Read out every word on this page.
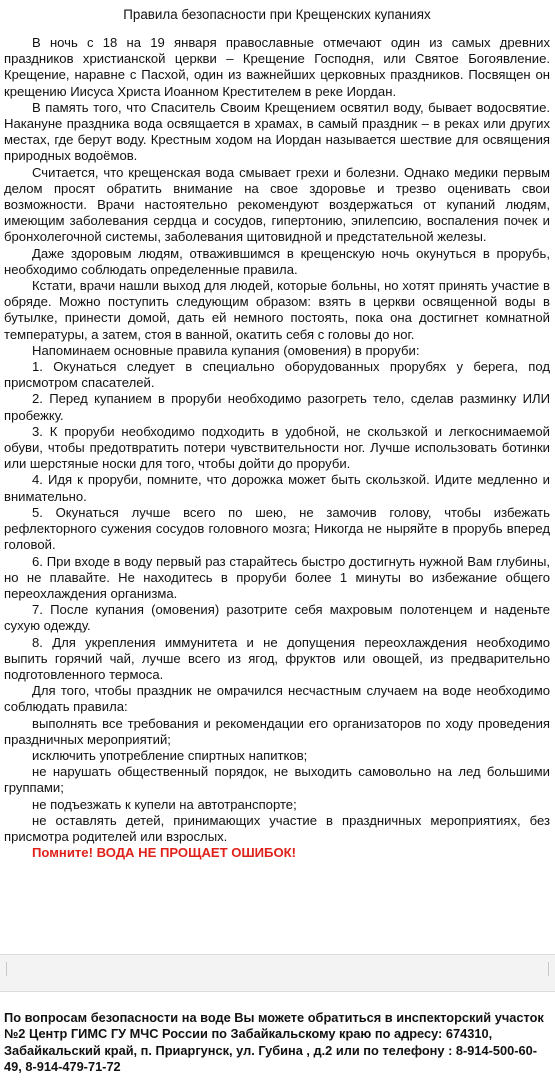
Правила безопасности при Крещенских купаниях

В ночь с 18 на 19 января православные отмечают один из самых древних праздников христианской церкви – Крещение Господня, или Святое Богоявление. Крещение, наравне с Пасхой, один из важнейших церковных праздников. Посвящен он крещению Иисуса Христа Иоанном Крестителем в реке Иордан.

В память того, что Спаситель Своим Крещением освятил воду, бывает водосвятие. Накануне праздника вода освящается в храмах, в самый праздник – в реках или других местах, где берут воду. Крестным ходом на Иордан называется шествие для освящения природных водоёмов.

Считается, что крещенская вода смывает грехи и болезни. Однако медики первым делом просят обратить внимание на свое здоровье и трезво оценивать свои возможности. Врачи настоятельно рекомендуют воздержаться от купаний людям, имеющим заболевания сердца и сосудов, гипертонию, эпилепсию, воспаления почек и бронхолегочной системы, заболевания щитовидной и предстательной железы.

Даже здоровым людям, отважившимся в крещенскую ночь окунуться в прорубь, необходимо соблюдать определенные правила.

Кстати, врачи нашли выход для людей, которые больны, но хотят принять участие в обряде. Можно поступить следующим образом: взять в церкви освященной воды в бутылке, принести домой, дать ей немного постоять, пока она достигнет комнатной температуры, а затем, стоя в ванной, окатить себя с головы до ног.

Напоминаем основные правила купания (омовения) в проруби:

1. Окунаться следует в специально оборудованных прорубях у берега, под присмотром спасателей.

2. Перед купанием в проруби необходимо разогреть тело, сделав разминку ИЛИ пробежку.

3. К проруби необходимо подходить в удобной, не скользкой и легкоснимаемой обуви, чтобы предотвратить потери чувствительности ног. Лучше использовать ботинки или шерстяные носки для того, чтобы дойти до проруби.

4. Идя к проруби, помните, что дорожка может быть скользкой. Идите медленно и внимательно.

5. Окунаться лучше всего по шею, не замочив голову, чтобы избежать рефлекторного сужения сосудов головного мозга; Никогда не ныряйте в прорубь вперед головой.

6. При входе в воду первый раз старайтесь быстро достигнуть нужной Вам глубины, но не плавайте. Не находитесь в проруби более 1 минуты во избежание общего переохлаждения организма.

7. После купания (омовения) разотрите себя махровым полотенцем и наденьте сухую одежду.

8. Для укрепления иммунитета и не допущения переохлаждения необходимо выпить горячий чай, лучше всего из ягод, фруктов или овощей, из предварительно подготовленного термоса.

Для того, чтобы праздник не омрачился несчастным случаем на воде необходимо соблюдать правила:

выполнять все требования и рекомендации его организаторов по ходу проведения праздничных мероприятий;

исключить употребление спиртных напитков;

не нарушать общественный порядок, не выходить самовольно на лед большими группами;

не подъезжать к купели на автотранспорте;

не оставлять детей, принимающих участие в праздничных мероприятиях, без присмотра родителей или взрослых.

Помните! ВОДА НЕ ПРОЩАЕТ ОШИБОК!

По вопросам безопасности на воде Вы можете обратиться в инспекторский участок №2 Центр ГИМС ГУ МЧС России по Забайкальскому краю по адресу: 674310, Забайкальский край, п. Приаргунск, ул. Губина , д.2 или по телефону : 8-914-500-60-49, 8-914-479-71-72
